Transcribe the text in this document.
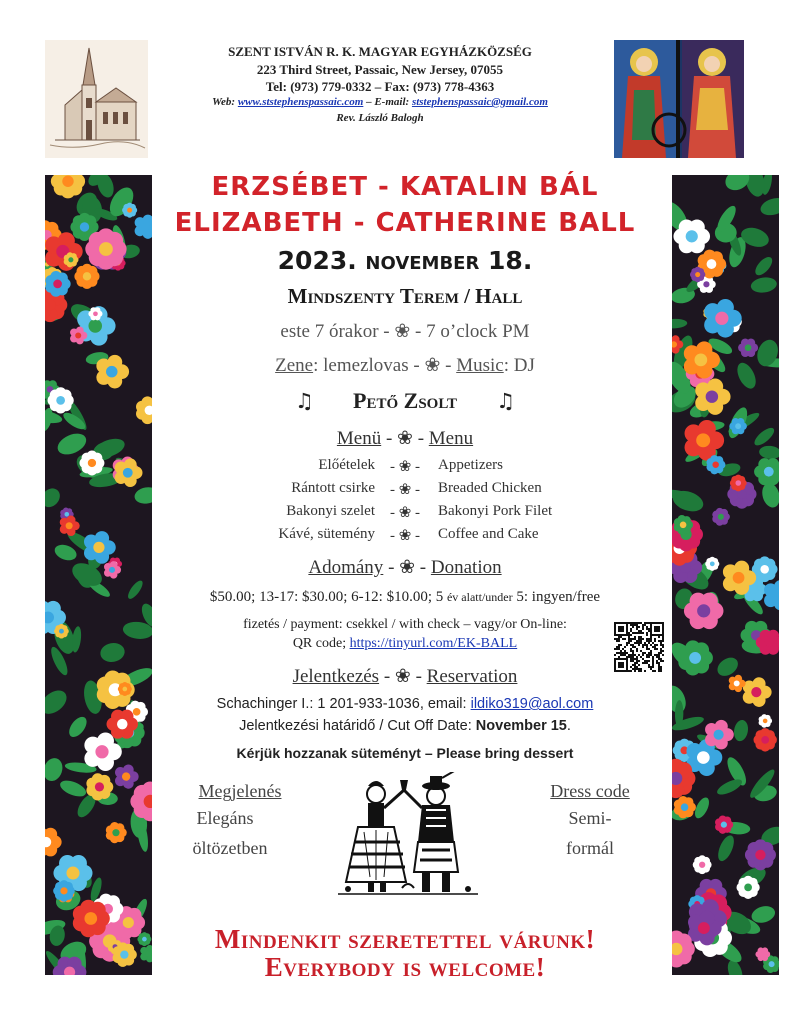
SZENT ISTVÁN R. K. MAGYAR EGYHÁZKÖZSÉG
223 Third Street, Passaic, New Jersey, 07055
Tel: (973) 779-0332 – Fax: (973) 778-4363
Web: www.ststephenspassaic.com – E-mail: ststephenspassaic@gmail.com
Rev. László Balogh
ERZSÉBET - KATALIN BÁL
ELIZABETH - CATHERINE BALL
2023. november 18.
Mindszenty Terem / Hall
este 7 órakor - ❀ - 7 o’clock PM
Zene: lemezlovas - ❀ - Music: DJ
♫ Pető Zsolt ♫
Menü - ❀ - Menu
Előételek - ❀ -	Appetizers
Rántott csirke - ❀ -	Breaded Chicken
Bakonyi szelet - ❀ -	Bakonyi Pork Filet
Kávé, sütemény - ❀ -	Coffee and Cake
Adomány - ❀ - Donation
$50.00; 13-17: $30.00; 6-12: $10.00; 5 év alatt/under 5: ingyen/free
fizetés / payment: csekkel / with check – vagy/or On-line:
QR code; https://tinyurl.com/EK-BALL
Jelentkezés - ❀ - Reservation
Schachinger I.: 1 201-933-1036, email: ildiko319@aol.com
Jelentkezési határidő / Cut Off Date: November 15.
Kérjük hozzanak süteményt – Please bring dessert
Megjelenés
Elegáns
öltözetben
Dress code
Semi-
formál
Mindenkit szeretettel várunk!
Everybody is welcome!
